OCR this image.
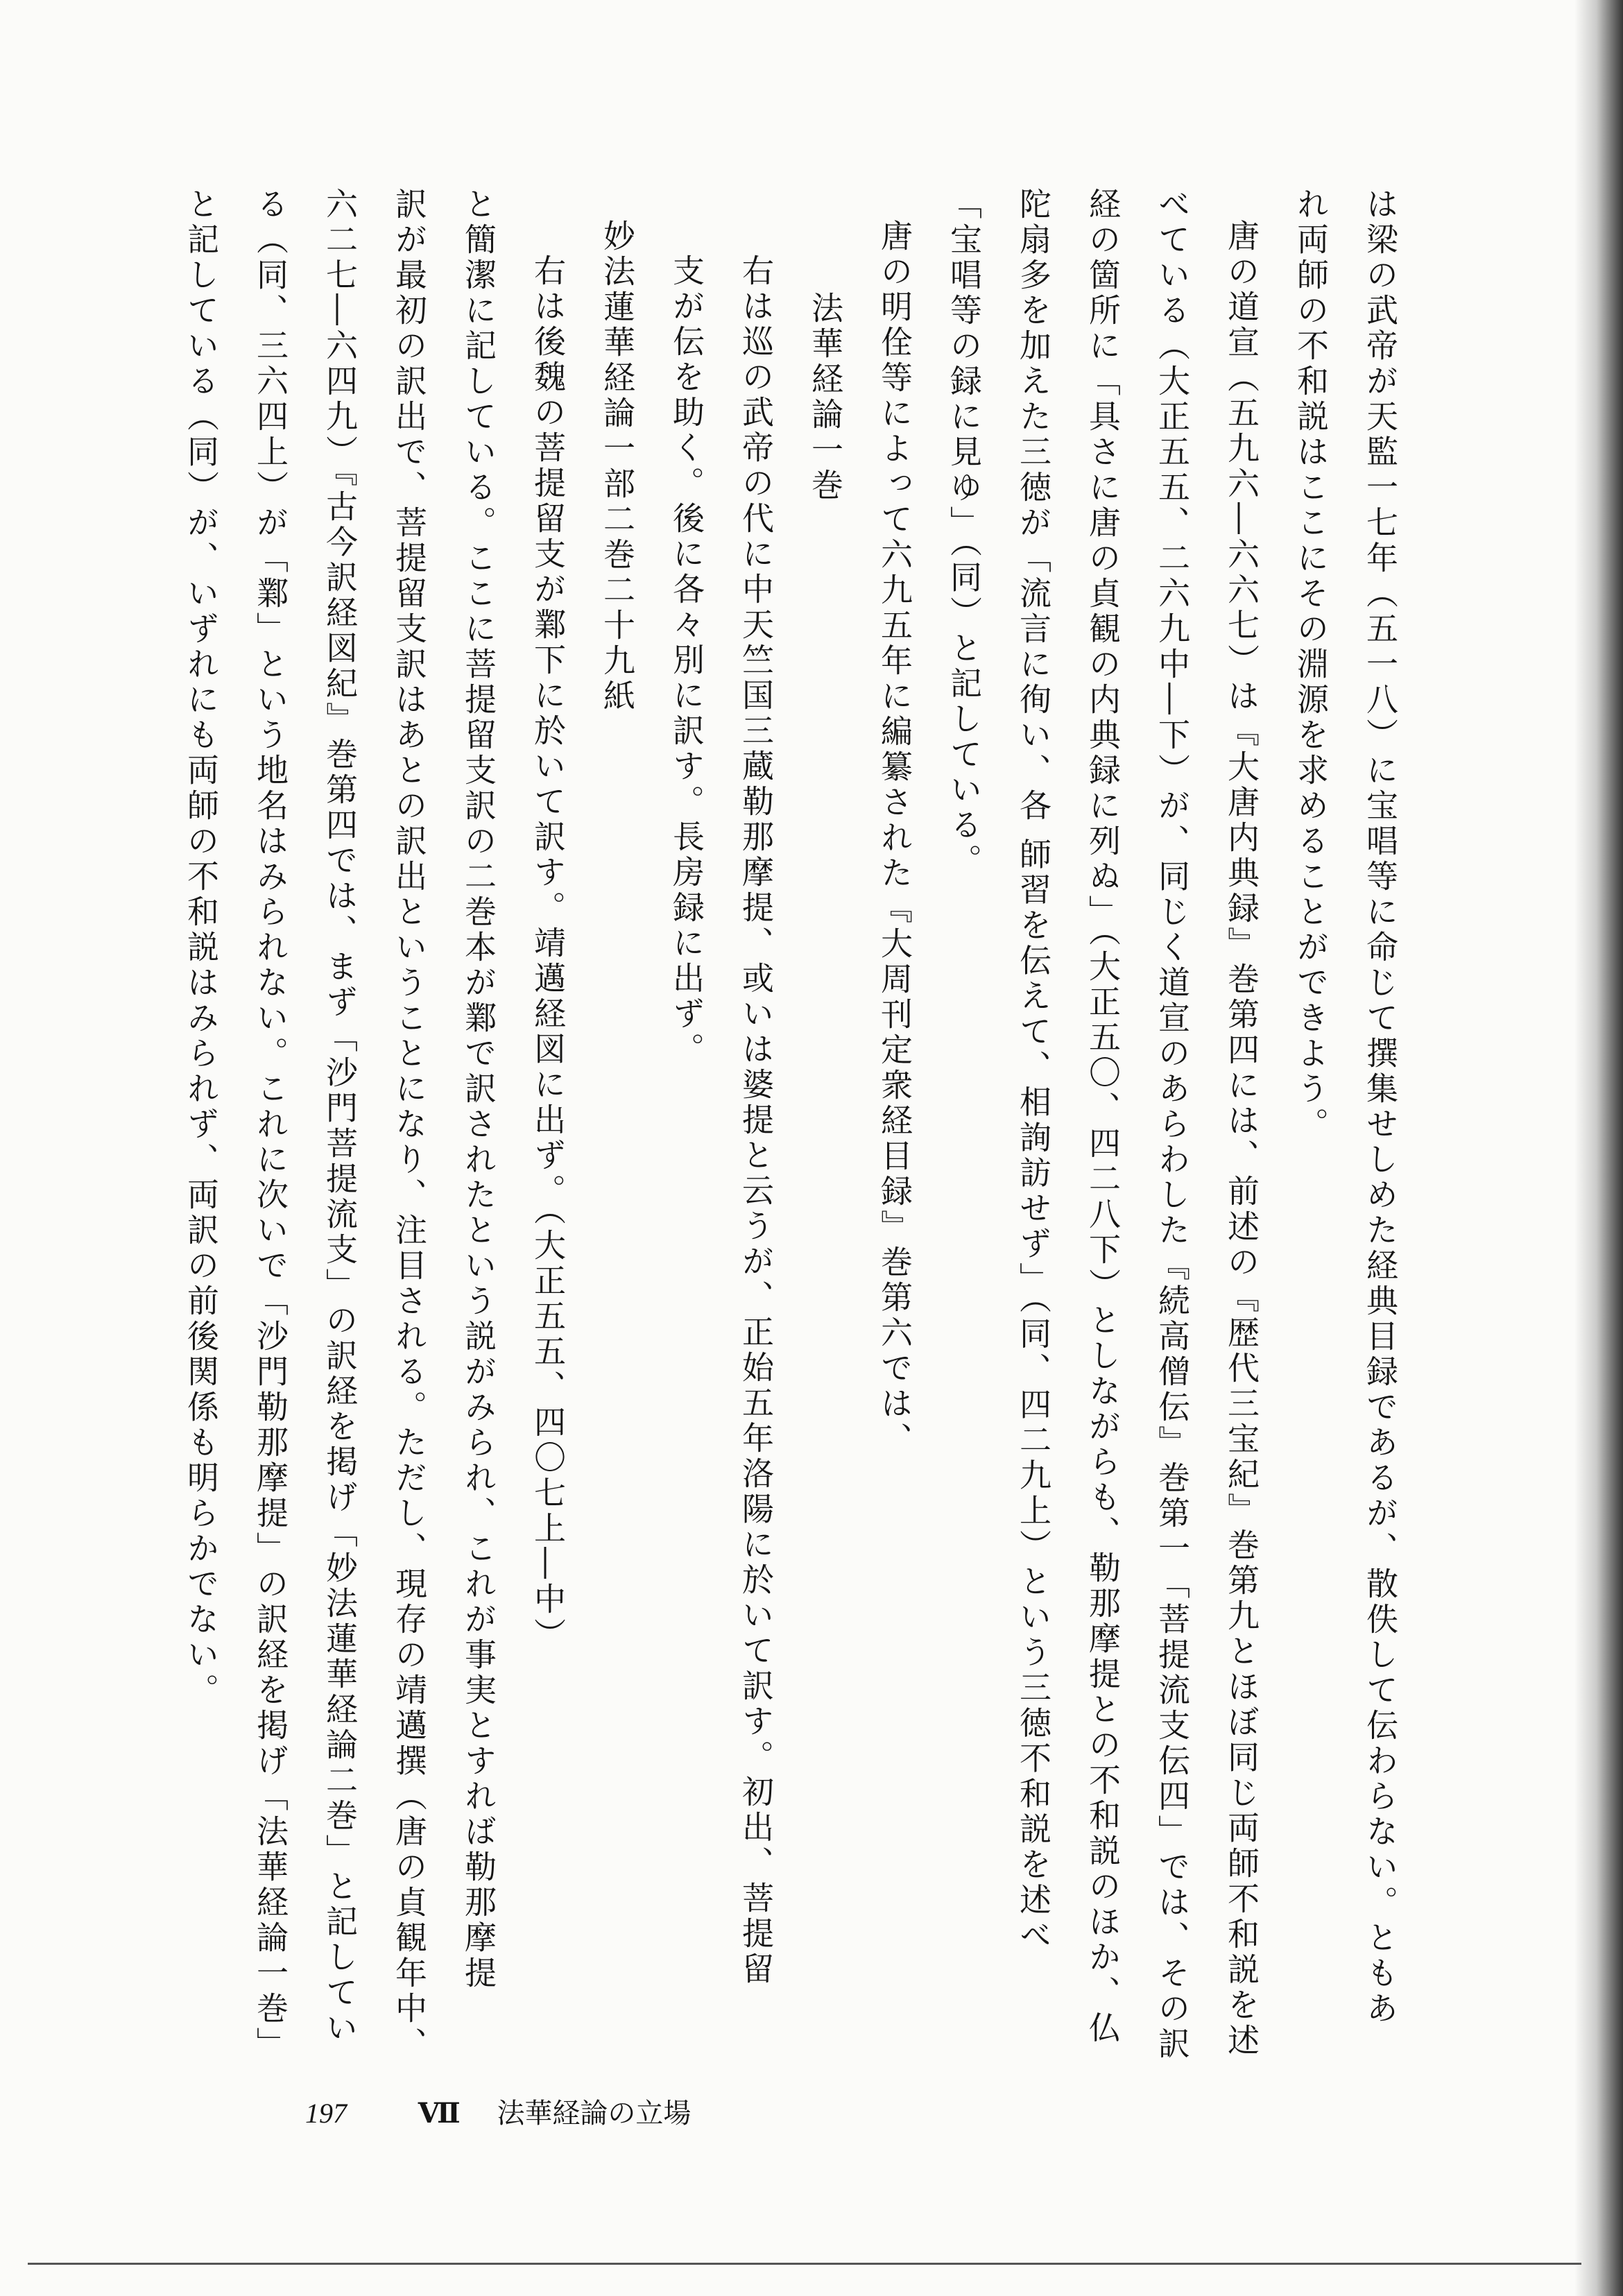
は梁の武帝が天監一七年（五一八）に宝唱等に命じて撰集せしめた経典目録であるが、散佚して伝わらない。ともあ
れ両師の不和説はここにその淵源を求めることができよう。
唐の道宣（五九六―六六七）は『大唐内典録』巻第四には、前述の『歴代三宝紀』巻第九とほぼ同じ両師不和説を述
べている（大正五五、二六九中―下）が、同じく道宣のあらわした『続高僧伝』巻第一「菩提流支伝四」では、その訳
経の箇所に「具さに唐の貞観の内典録に列ぬ」（大正五〇、四二八下）としながらも、勒那摩提との不和説のほか、仏
陀扇多を加えた三徳が「流言に徇い、各 師習を伝えて、相詢訪せず」（同、四二九上）という三徳不和説を述べ
「宝唱等の録に見ゆ」（同）と記している。
唐の明佺等によって六九五年に編纂された『大周刊定衆経目録』巻第六では、
法華経論一巻
右は巡の武帝の代に中天竺国三蔵勒那摩提、或いは婆提と云うが、正始五年洛陽に於いて訳す。初出、菩提留
支が伝を助く。後に各々別に訳す。長房録に出ず。
妙法蓮華経論一部二巻二十九紙
右は後魏の菩提留支が鄴下に於いて訳す。靖邁経図に出ず。（大正五五、四〇七上―中）
と簡潔に記している。ここに菩提留支訳の二巻本が鄴で訳されたという説がみられ、これが事実とすれば勒那摩提
訳が最初の訳出で、菩提留支訳はあとの訳出ということになり、注目される。ただし、現存の靖邁撰（唐の貞観年中、
六二七―六四九）『古今訳経図紀』巻第四では、まず「沙門菩提流支」の訳経を掲げ「妙法蓮華経論二巻」と記してい
る（同、三六四上）が「鄴」という地名はみられない。これに次いで「沙門勒那摩提」の訳経を掲げ「法華経論一巻」
と記している（同）が、いずれにも両師の不和説はみられず、両訳の前後関係も明らかでない。
197	Ⅶ 法華経論の立場
